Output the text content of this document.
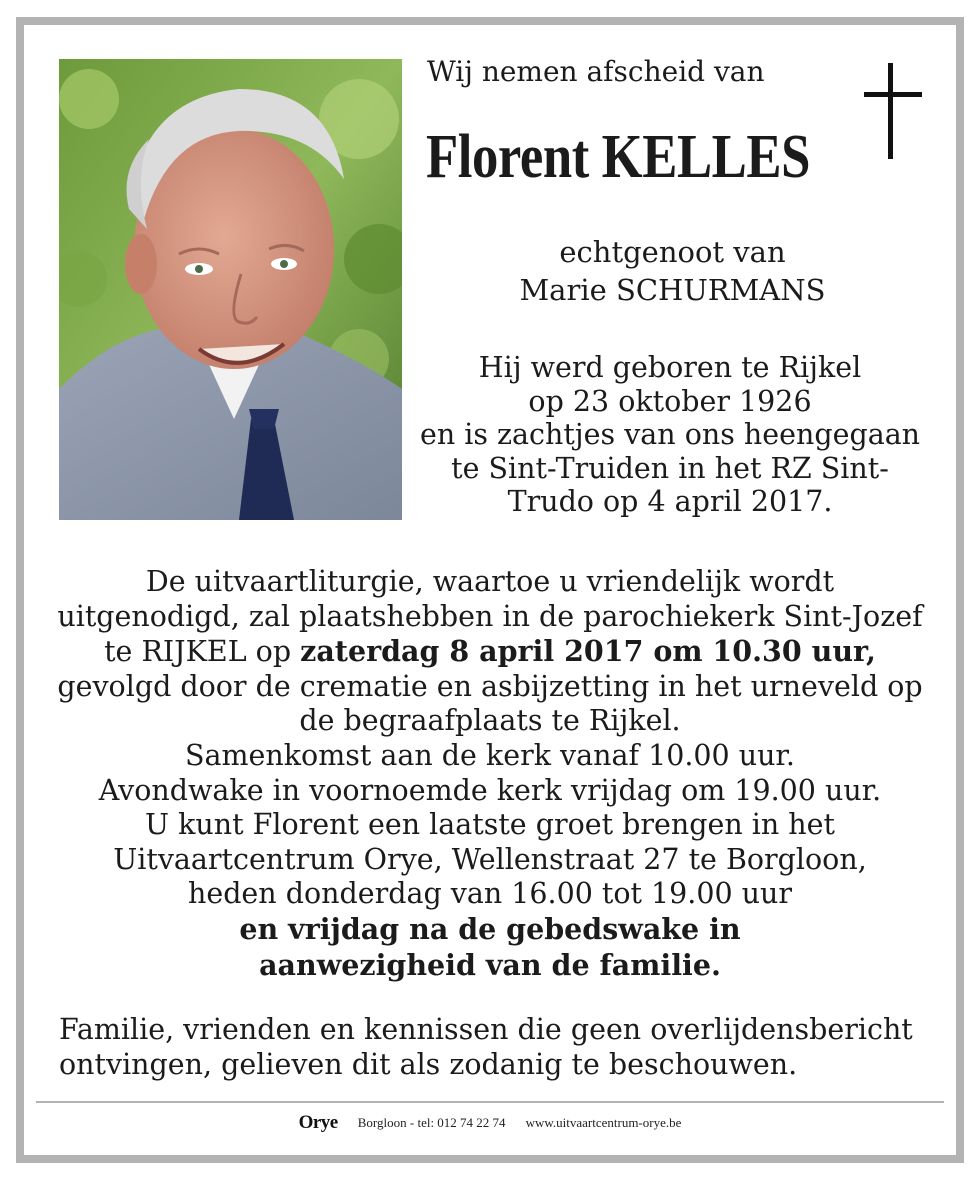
Wij nemen afscheid van
Florent KELLES
echtgenoot van
Marie SCHURMANS
Hij werd geboren te Rijkel
op 23 oktober 1926
en is zachtjes van ons heengegaan
te Sint-Truiden in het RZ Sint-
Trudo op 4 april 2017.
De uitvaartliturgie, waartoe u vriendelijk wordt
uitgenodigd, zal plaatshebben in de parochiekerk Sint-Jozef
te RIJKEL op zaterdag 8 april 2017 om 10.30 uur,
gevolgd door de crematie en asbijzetting in het urneveld op
de begraafplaats te Rijkel.
Samenkomst aan de kerk vanaf 10.00 uur.
Avondwake in voornoemde kerk vrijdag om 19.00 uur.
U kunt Florent een laatste groet brengen in het
Uitvaartcentrum Orye, Wellenstraat 27 te Borgloon,
heden donderdag van 16.00 tot 19.00 uur
en vrijdag na de gebedswake in
aanwezigheid van de familie.
Familie, vrienden en kennissen die geen overlijdensbericht
ontvingen, gelieven dit als zodanig te beschouwen.
Orye Borgloon - tel: 012 74 22 74 www.uitvaartcentrum-orye.be
